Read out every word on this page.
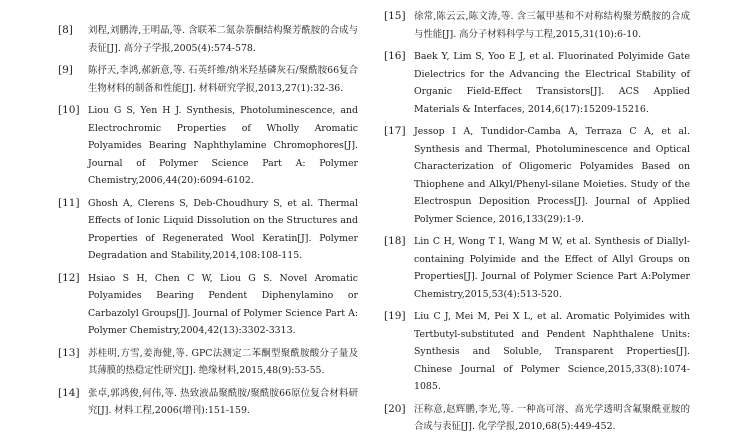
[8]	刘程,刘鹏涛,王明晶,等. 含联苯二氮杂萘酮结构聚芳酰胺的合成与表征[J]. 高分子学报,2005(4):574-578.
[9]	陈抒天,李鸿,郝新意,等. 石英纤维/纳米羟基磷灰石/聚酰胺66复合生物材料的制备和性能[J]. 材料研究学报,2013,27(1):32-36.
[10] Liou G S, Yen H J. Synthesis, Photoluminescence, and Electrochromic Properties of Wholly Aromatic Polyamides Bearing Naphthylamine Chromophores[J]. Journal of Polymer Science Part A: Polymer Chemistry,2006,44(20):6094-6102.
[11] Ghosh A, Clerens S, Deb-Choudhury S, et al. Thermal Effects of Ionic Liquid Dissolution on the Structures and Properties of Regenerated Wool Keratin[J]. Polymer Degradation and Stability,2014,108:108-115.
[12] Hsiao S H, Chen C W, Liou G S. Novel Aromatic Polyamides Bearing Pendent Diphenylamino or Carbazolyl Groups[J]. Journal of Polymer Science Part A: Polymer Chemistry,2004,42(13):3302-3313.
[13] 苏桂明,方雪,姜海健,等. GPC法测定二苯酮型聚酰胺酸分子量及其薄膜的热稳定性研究[J]. 绝缘材料,2015,48(9):53-55.
[14] 张卓,郭鸿俊,何伟,等. 热致液晶聚酰胺/聚酰胺66原位复合材料研究[J]. 材料工程,2006(增刊):151-159.
[15] 徐常,陈云云,陈文涛,等. 含三氟甲基和不对称结构聚芳酰胺的合成与性能[J]. 高分子材料科学与工程,2015,31(10):6-10.
[16] Baek Y, Lim S, Yoo E J, et al. Fluorinated Polyimide Gate Dielectrics for the Advancing the Electrical Stability of Organic Field-Effect Transistors[J]. ACS Applied Materials & Interfaces, 2014,6(17):15209-15216.
[17] Jessop I A, Tundidor-Camba A, Terraza C A, et al. Synthesis and Thermal, Photoluminescence and Optical Characterization of Oligomeric Polyamides Based on Thiophene and Alkyl/Phenyl-silane Moieties. Study of the Electrospun Deposition Process[J]. Journal of Applied Polymer Science, 2016,133(29):1-9.
[18] Lin C H, Wong T I, Wang M W, et al. Synthesis of Diallyl-containing Polyimide and the Effect of Allyl Groups on Properties[J]. Journal of Polymer Science Part A:Polymer Chemistry,2015,53(4):513-520.
[19] Liu C J, Mei M, Pei X L, et al. Aromatic Polyimides with Tertbutyl-substituted and Pendent Naphthalene Units: Synthesis and Soluble, Transparent Properties[J]. Chinese Journal of Polymer Science,2015,33(8):1074-1085.
[20] 汪称意,赵辉鹏,李光,等. 一种高可溶、高光学透明含氟聚酰亚胺的合成与表征[J]. 化学学报,2010,68(5):449-452.
